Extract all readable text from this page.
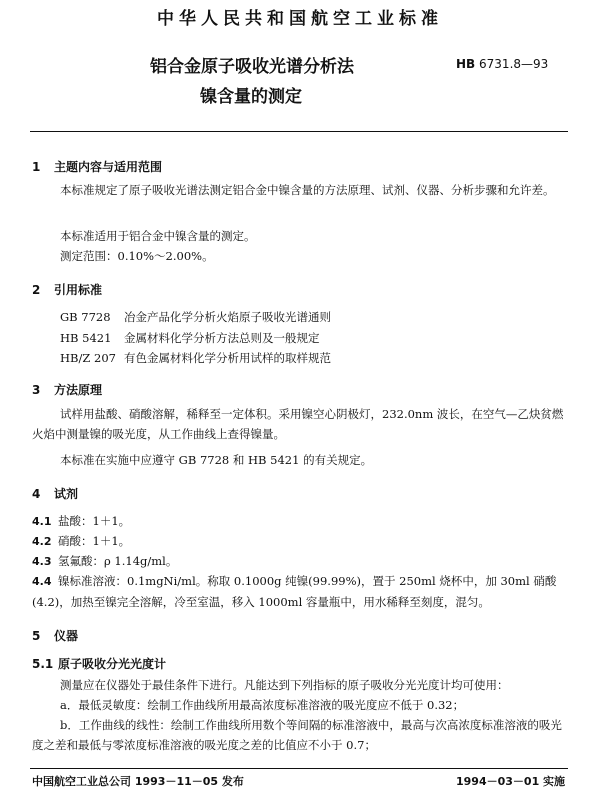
中华人民共和国航空工业标准
铝合金原子吸收光谱分析法
镍含量的测定
HB 6731.8—93
1 主题内容与适用范围
本标准规定了原子吸收光谱法测定铝合金中镍含量的方法原理、试剂、仪器、分析步骤和允许差。
本标准适用于铝合金中镍含量的测定。
测定范围：0.10%～2.00%。
2 引用标准
GB 7728 冶金产品化学分析火焰原子吸收光谱通则
HB 5421 金属材料化学分析方法总则及一般规定
HB/Z 207 有色金属材料化学分析用试样的取样规范
3 方法原理
试样用盐酸、硝酸溶解，稀释至一定体积。采用镍空心阴极灯，232.0nm 波长，在空气—乙炔贫燃火焰中测量镍的吸光度，从工作曲线上查得镍量。
本标准在实施中应遵守 GB 7728 和 HB 5421 的有关规定。
4 试剂
4.1 盐酸：1＋1。
4.2 硝酸：1＋1。
4.3 氢氟酸：ρ 1.14g/ml。
4.4 镍标准溶液：0.1mgNi/ml。称取 0.1000g 纯镍(99.99%)，置于 250ml 烧杯中，加 30ml 硝酸(4.2)，加热至镍完全溶解，冷至室温，移入 1000ml 容量瓶中，用水稀释至刻度，混匀。
5 仪器
5.1 原子吸收分光光度计
测量应在仪器处于最佳条件下进行。凡能达到下列指标的原子吸收分光光度计均可使用：
a．最低灵敏度：绘制工作曲线所用最高浓度标准溶液的吸光度应不低于 0.32；
b．工作曲线的线性：绘制工作曲线所用数个等间隔的标准溶液中，最高与次高浓度标准溶液的吸光度之差和最低与零浓度标准溶液的吸光度之差的比值应不小于 0.7；
中国航空工业总公司 1993－11－05 发布	1994－03－01 实施
